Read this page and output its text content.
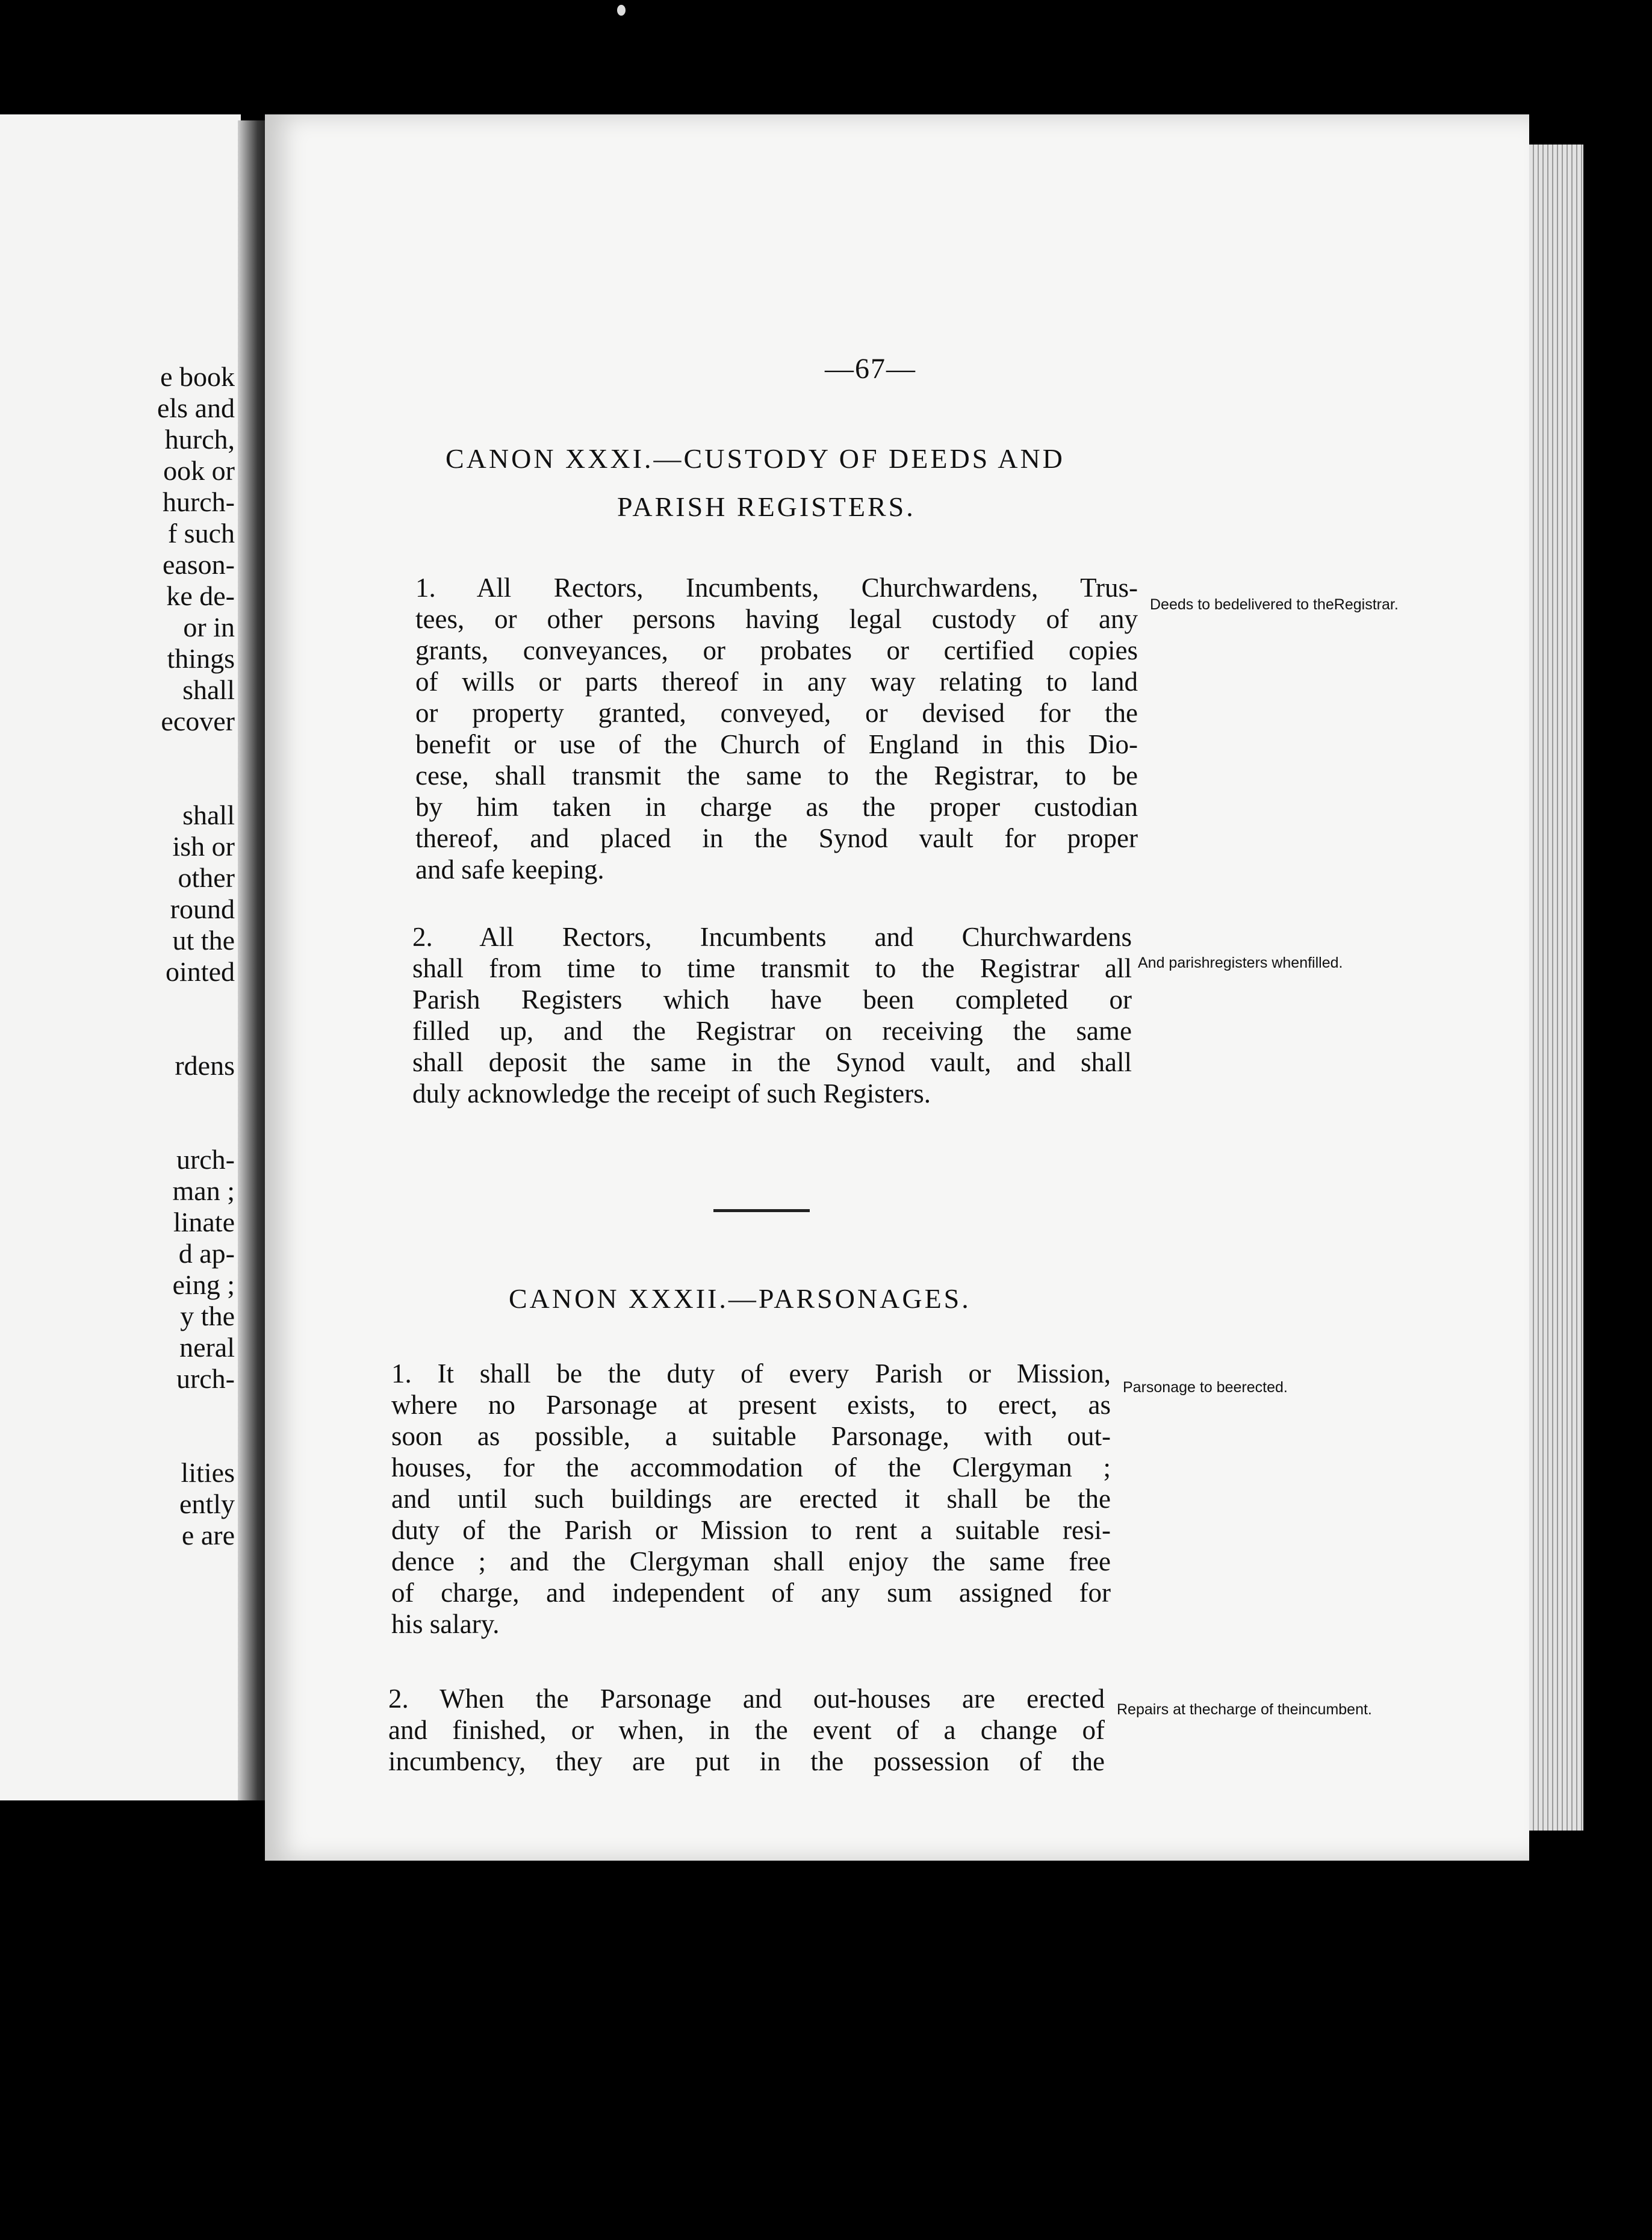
e book
els and
hurch,
ook or
hurch-
f such
eason-
ke de-
or in
things
shall
ecover
shall
ish or
other
round
ut the
ointed
rdens
urch-
man ;
linate
d ap-
eing ;
y the
neral
urch-
lities
ently
e are
—67—
CANON XXXI.—CUSTODY OF DEEDS AND
PARISH REGISTERS.
1. All Rectors, Incumbents, Churchwardens, Trus-
tees, or other persons having legal custody of any
grants, conveyances, or probates or certified copies
of wills or parts thereof in any way relating to land
or property granted, conveyed, or devised for the
benefit or use of the Church of England in this Dio-
cese, shall transmit the same to the Registrar, to be
by him taken in charge as the proper custodian
thereof, and placed in the Synod vault for proper
and safe keeping.
Deeds to bedelivered to theRegistrar.
2. All Rectors, Incumbents and Churchwardens
shall from time to time transmit to the Registrar all
Parish Registers which have been completed or
filled up, and the Registrar on receiving the same
shall deposit the same in the Synod vault, and shall
duly acknowledge the receipt of such Registers.
And parishregisters whenfilled.
CANON XXXII.—PARSONAGES.
1. It shall be the duty of every Parish or Mission,
where no Parsonage at present exists, to erect, as
soon as possible, a suitable Parsonage, with out-
houses, for the accommodation of the Clergyman ;
and until such buildings are erected it shall be the
duty of the Parish or Mission to rent a suitable resi-
dence ; and the Clergyman shall enjoy the same free
of charge, and independent of any sum assigned for
his salary.
Parsonage to beerected.
2. When the Parsonage and out-houses are erected
and finished, or when, in the event of a change of
incumbency, they are put in the possession of the
Repairs at thecharge of theincumbent.
